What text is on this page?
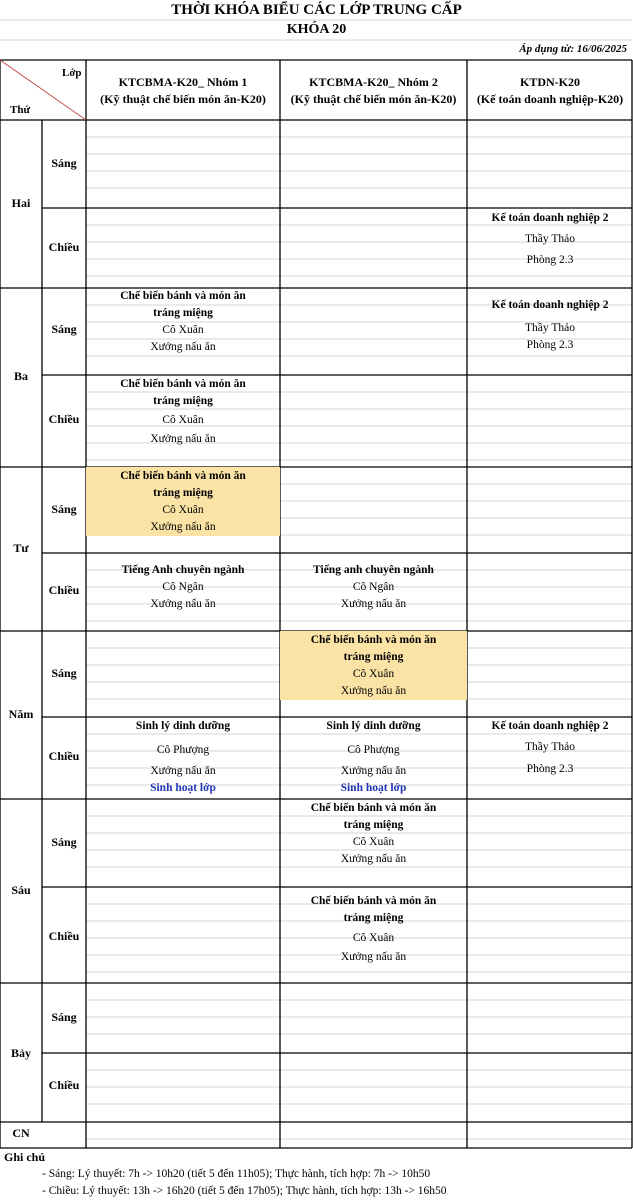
THỜI KHÓA BIỂU CÁC LỚP TRUNG CẤP
KHÓA 20
Áp dụng từ: 16/06/2025
Lớp
Thứ
KTCBMA-K20_ Nhóm 1
(Kỹ thuật chế biến món ăn-K20)
KTCBMA-K20_ Nhóm 2
(Kỹ thuật chế biến món ăn-K20)
KTDN-K20
(Kế toán doanh nghiệp-K20)
Hai
Ba
Tư
Năm
Sáu
Bảy
CN
Sáng
Chiều
Sáng
Chiều
Sáng
Chiều
Sáng
Chiều
Sáng
Chiều
Sáng
Chiều
Kế toán doanh nghiệp 2
Thầy Thảo
Phòng 2.3
Chế biến bánh và món ăn tráng miệng
Cô Xuân
Xưởng nấu ăn
Kế toán doanh nghiệp 2
Thầy Thảo
Phòng 2.3
Chế biến bánh và món ăn tráng miệng
Cô Xuân
Xưởng nấu ăn
Chế biến bánh và món ăn tráng miệng
Cô Xuân
Xưởng nấu ăn
Tiếng Anh chuyên ngành
Cô Ngân
Xưởng nấu ăn
Tiếng anh chuyên ngành
Cô Ngân
Xưởng nấu ăn
Chế biến bánh và món ăn tráng miệng
Cô Xuân
Xưởng nấu ăn
Sinh lý dinh dưỡng
Cô Phượng
Xưởng nấu ăn
Sinh hoạt lớp
Sinh lý dinh dưỡng
Cô Phượng
Xưởng nấu ăn
Sinh hoạt lớp
Kế toán doanh nghiệp 2
Thầy Thảo
Phòng 2.3
Chế biến bánh và món ăn tráng miệng
Cô Xuân
Xưởng nấu ăn
Chế biến bánh và món ăn tráng miệng
Cô Xuân
Xưởng nấu ăn
Ghi chú
- Sáng: Lý thuyết: 7h -> 10h20 (tiết 5 đến 11h05); Thực hành, tích hợp: 7h -> 10h50
- Chiều: Lý thuyết: 13h -> 16h20 (tiết 5 đến 17h05); Thực hành, tích hợp: 13h -> 16h50
